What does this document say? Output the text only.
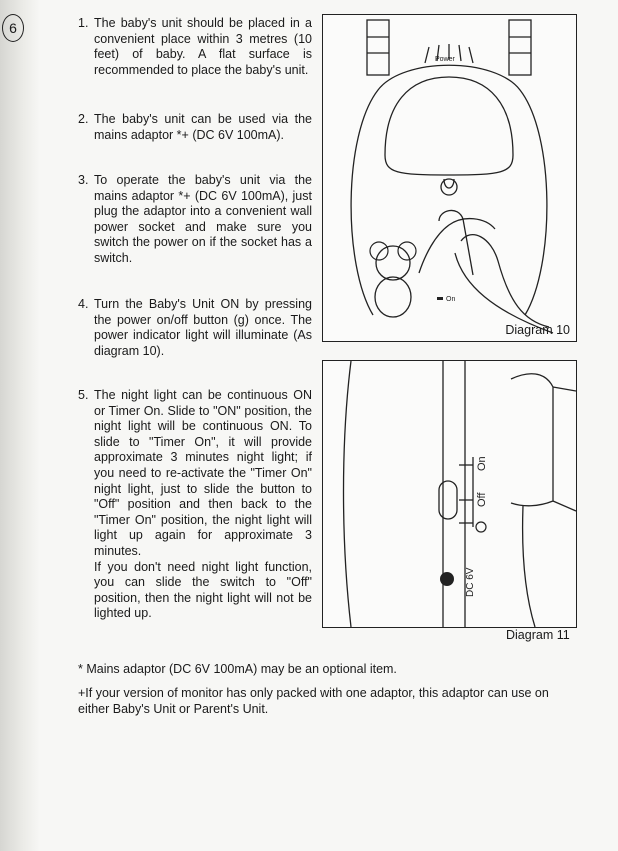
6	1. The baby's unit should be placed in a convenient place within 3 metres (10 feet) of baby. A flat surface is recommended to place the baby's unit.
2. The baby's unit can be used via the mains adaptor *+ (DC 6V 100mA).
3. To operate the baby's unit via the mains adaptor *+ (DC 6V 100mA), just plug the adaptor into a convenient wall power socket and make sure you switch the power on if the socket has a switch.
4. Turn the Baby's Unit ON by pressing the power on/off button (g) once. The power indicator light will illuminate (As diagram 10).
5. The night light can be continuous ON or Timer On. Slide to "ON" position, the night light will be continuous ON. To slide to "Timer On", it will provide approximate 3 minutes night light; if you need to re-activate the "Timer On" night light, just to slide the button to "Off" position and then back to the "Timer On" position, the night light will light up again for approximate 3 minutes.
If you don't need night light function, you can slide the switch to "Off" position, then the night light will not be lighted up.
Power
On
Diagram 10
On
Off
DC 6V
Diagram 11
* Mains adaptor (DC 6V 100mA) may be an optional item.
+If your version of monitor has only packed with one adaptor, this adaptor can use on either Baby's Unit or Parent's Unit.
